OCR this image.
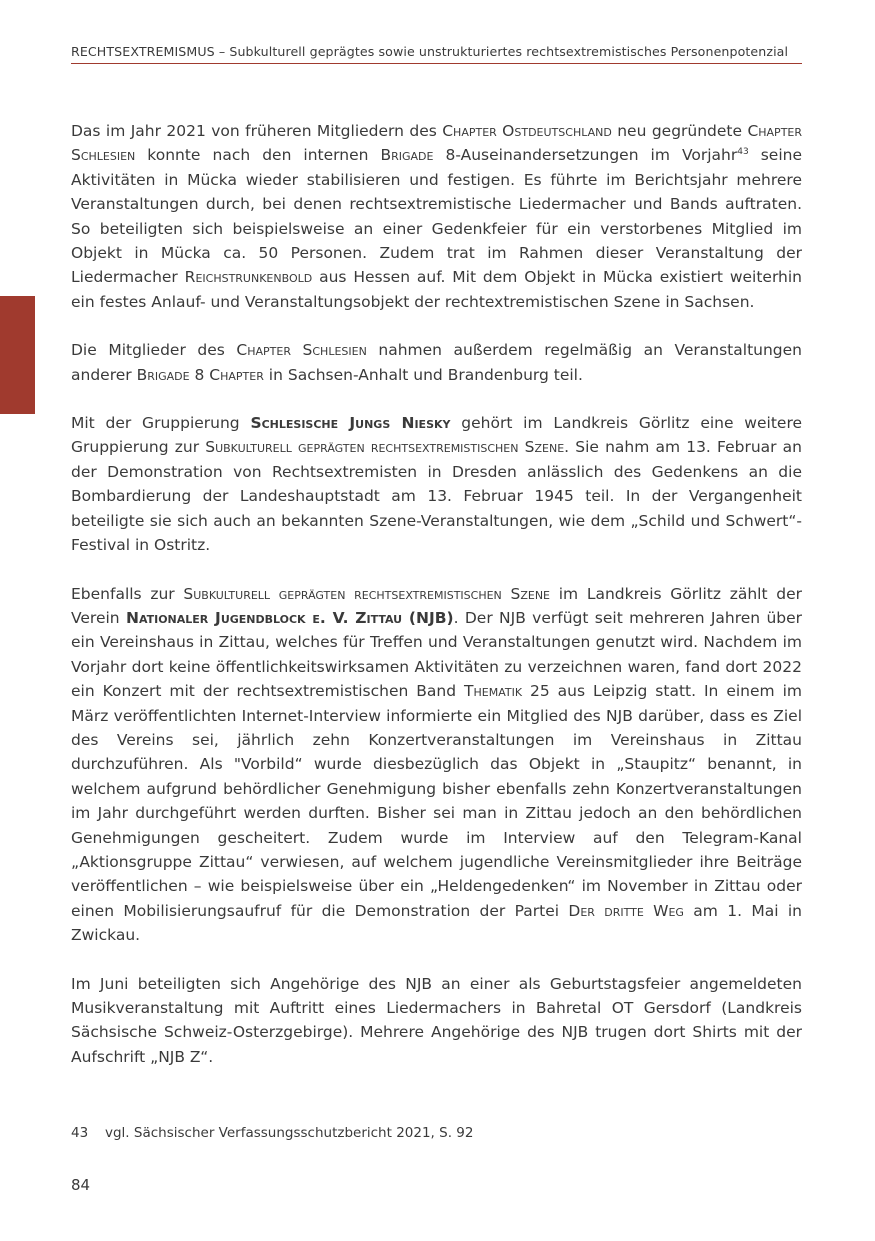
RECHTSEXTREMISMUS – Subkulturell geprägtes sowie unstrukturiertes rechtsextremistisches Personenpotenzial

Das im Jahr 2021 von früheren Mitgliedern des Chapter Ostdeutschland neu gegründete Chapter Schlesien konnte nach den internen Brigade 8-Auseinandersetzungen im Vorjahr$^{43}$ seine Aktivitäten in Mücka wieder stabilisieren und festigen. Es führte im Berichtsjahr mehrere Veranstaltungen durch, bei denen rechtsextremistische Liedermacher und Bands auftraten. So beteiligten sich beispielsweise an einer Gedenkfeier für ein verstorbenes Mitglied im Objekt in Mücka ca. 50 Personen. Zudem trat im Rahmen dieser Veranstaltung der Liedermacher Reichstrunkenbold aus Hessen auf. Mit dem Objekt in Mücka existiert weiterhin ein festes Anlauf- und Veranstaltungsobjekt der rechtextremistischen Szene in Sachsen.

Die Mitglieder des Chapter Schlesien nahmen außerdem regelmäßig an Veranstaltungen anderer Brigade 8 Chapter in Sachsen-Anhalt und Brandenburg teil.

Mit der Gruppierung Schlesische Jungs Niesky gehört im Landkreis Görlitz eine weitere Gruppierung zur Subkulturell geprägten rechtsextremistischen Szene. Sie nahm am 13. Februar an der Demonstration von Rechtsextremisten in Dresden anlässlich des Gedenkens an die Bombardierung der Landeshauptstadt am 13. Februar 1945 teil. In der Vergangenheit beteiligte sie sich auch an bekannten Szene-Veranstaltungen, wie dem „Schild und Schwert“-Festival in Ostritz.

Ebenfalls zur Subkulturell geprägten rechtsextremistischen Szene im Landkreis Görlitz zählt der Verein Nationaler Jugendblock e. V. Zittau (NJB). Der NJB verfügt seit mehreren Jahren über ein Vereinshaus in Zittau, welches für Treffen und Veranstaltungen genutzt wird. Nachdem im Vorjahr dort keine öffentlichkeitswirksamen Aktivitäten zu verzeichnen waren, fand dort 2022 ein Konzert mit der rechtsextremistischen Band Thematik 25 aus Leipzig statt. In einem im März veröffentlichten Internet-Interview informierte ein Mitglied des NJB darüber, dass es Ziel des Vereins sei, jährlich zehn Konzertveranstaltungen im Vereinshaus in Zittau durchzuführen. Als "Vorbild“ wurde diesbezüglich das Objekt in „Staupitz“ benannt, in welchem aufgrund behördlicher Genehmigung bisher ebenfalls zehn Konzertveranstaltungen im Jahr durchgeführt werden durften. Bisher sei man in Zittau jedoch an den behördlichen Genehmigungen gescheitert. Zudem wurde im Interview auf den Telegram-Kanal „Aktionsgruppe Zittau“ verwiesen, auf welchem jugendliche Vereinsmitglieder ihre Beiträge veröffentlichen – wie beispielsweise über ein „Heldengedenken“ im November in Zittau oder einen Mobilisierungsaufruf für die Demonstration der Partei Der dritte Weg am 1. Mai in Zwickau.

Im Juni beteiligten sich Angehörige des NJB an einer als Geburtstagsfeier angemeldeten Musikveranstaltung mit Auftritt eines Liedermachers in Bahretal OT Gersdorf (Landkreis Sächsische Schweiz-Osterzgebirge). Mehrere Angehörige des NJB trugen dort Shirts mit der Aufschrift „NJB Z“.

43 vgl. Sächsischer Verfassungsschutzbericht 2021, S. 92
84
